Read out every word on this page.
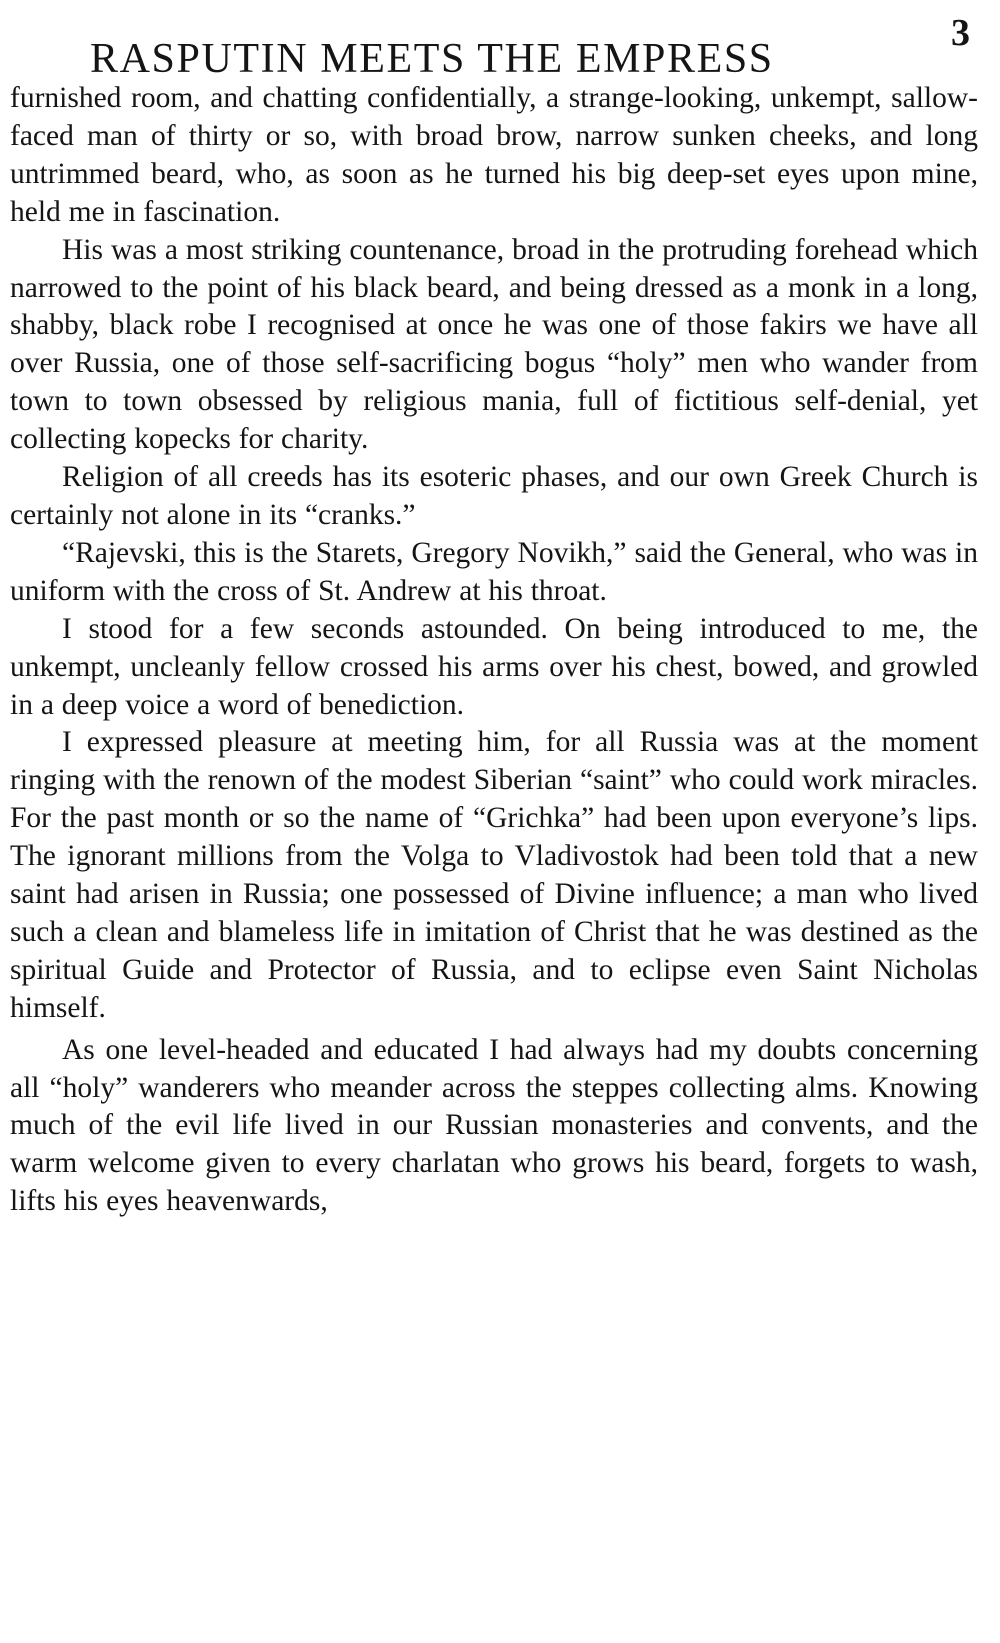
RASPUTIN MEETS THE EMPRESS
3

furnished room, and chatting confidentially, a strange-looking, unkempt, sallow-faced man of thirty or so, with broad brow, narrow sunken cheeks, and long untrimmed beard, who, as soon as he turned his big deep-set eyes upon mine, held me in fascination.

His was a most striking countenance, broad in the protruding forehead which narrowed to the point of his black beard, and being dressed as a monk in a long, shabby, black robe I recognised at once he was one of those fakirs we have all over Russia, one of those self-sacrificing bogus “holy” men who wander from town to town obsessed by religious mania, full of fictitious self-denial, yet collecting kopecks for charity.

Religion of all creeds has its esoteric phases, and our own Greek Church is certainly not alone in its “cranks.”

“Rajevski, this is the Starets, Gregory Novikh,” said the General, who was in uniform with the cross of St. Andrew at his throat.

I stood for a few seconds astounded. On being introduced to me, the unkempt, uncleanly fellow crossed his arms over his chest, bowed, and growled in a deep voice a word of benediction.

I expressed pleasure at meeting him, for all Russia was at the moment ringing with the renown of the modest Siberian “saint” who could work miracles. For the past month or so the name of “Grichka” had been upon everyone’s lips. The ignorant millions from the Volga to Vladivostok had been told that a new saint had arisen in Russia; one possessed of Divine influence; a man who lived such a clean and blameless life in imitation of Christ that he was destined as the spiritual Guide and Protector of Russia, and to eclipse even Saint Nicholas himself.

As one level-headed and educated I had always had my doubts concerning all “holy” wanderers who meander across the steppes collecting alms. Knowing much of the evil life lived in our Russian monasteries and convents, and the warm welcome given to every charlatan who grows his beard, forgets to wash, lifts his eyes heavenwards,
